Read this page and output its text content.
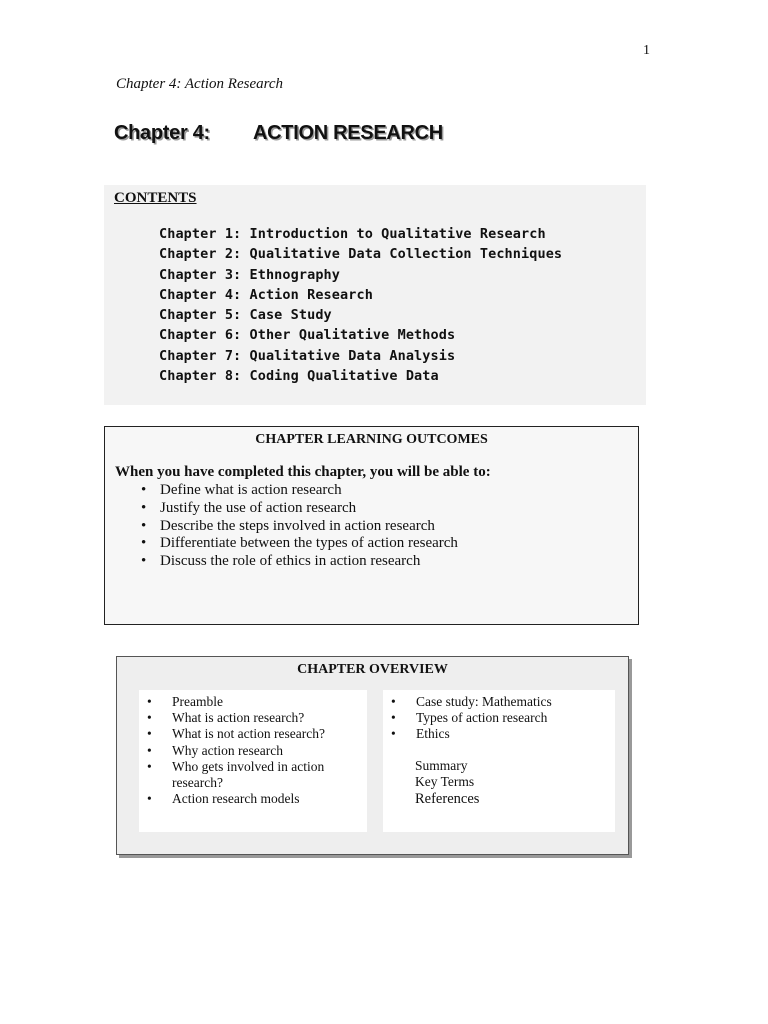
1
Chapter 4: Action Research
Chapter 4: ACTION RESEARCH
CONTENTS
Chapter 1: Introduction to Qualitative Research
Chapter 2: Qualitative Data Collection Techniques
Chapter 3: Ethnography
Chapter 4: Action Research
Chapter 5: Case Study
Chapter 6: Other Qualitative Methods
Chapter 7: Qualitative Data Analysis
Chapter 8: Coding Qualitative Data
CHAPTER LEARNING OUTCOMES
When you have completed this chapter, you will be able to:
• Define what is action research
• Justify the use of action research
• Describe the steps involved in action research
• Differentiate between the types of action research
• Discuss the role of ethics in action research
CHAPTER OVERVIEW
• Preamble
• What is action research?
• What is not action research?
• Why action research
• Who gets involved in action research?
• Action research models
• Case study: Mathematics
• Types of action research
• Ethics
Summary
Key Terms
References
